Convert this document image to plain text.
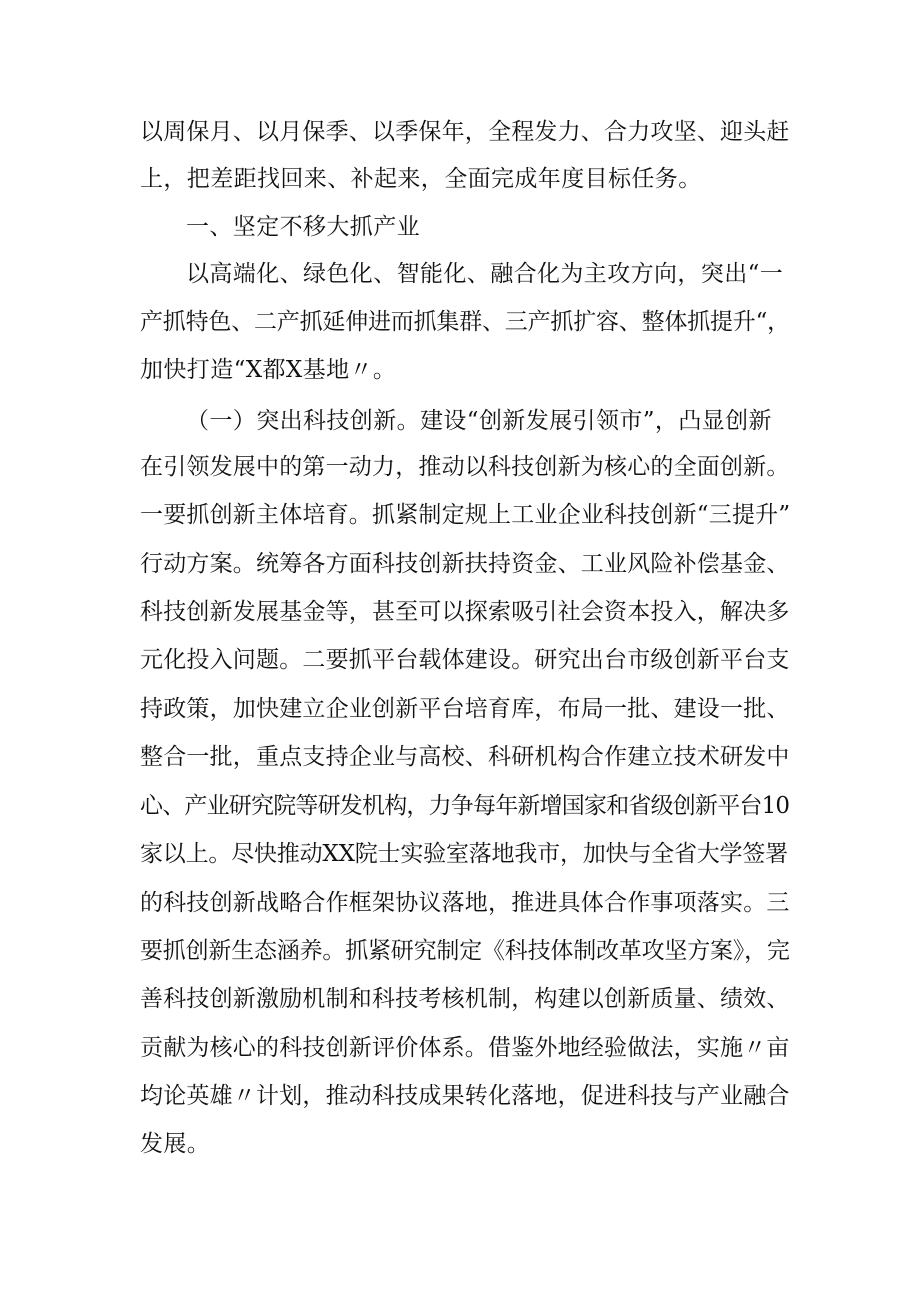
以周保月、以月保季、以季保年，全程发力、合力攻坚、迎头赶
上，把差距找回来、补起来，全面完成年度目标任务。
一、坚定不移大抓产业
以高端化、绿色化、智能化、融合化为主攻方向，突出“一
产抓特色、二产抓延伸进而抓集群、三产抓扩容、整体抓提升“，
加快打造“X都X基地〃。
（一）突出科技创新。建设“创新发展引领市”，凸显创新
在引领发展中的第一动力，推动以科技创新为核心的全面创新。
一要抓创新主体培育。抓紧制定规上工业企业科技创新“三提升”
行动方案。统筹各方面科技创新扶持资金、工业风险补偿基金、
科技创新发展基金等，甚至可以探索吸引社会资本投入，解决多
元化投入问题。二要抓平台载体建设。研究出台市级创新平台支
持政策，加快建立企业创新平台培育库，布局一批、建设一批、
整合一批，重点支持企业与高校、科研机构合作建立技术研发中
心、产业研究院等研发机构，力争每年新增国家和省级创新平台10
家以上。尽快推动XX院士实验室落地我市，加快与全省大学签署
的科技创新战略合作框架协议落地，推进具体合作事项落实。三
要抓创新生态涵养。抓紧研究制定《科技体制改革攻坚方案》，完
善科技创新激励机制和科技考核机制，构建以创新质量、绩效、
贡献为核心的科技创新评价体系。借鉴外地经验做法，实施〃亩
均论英雄〃计划，推动科技成果转化落地，促进科技与产业融合
发展。
